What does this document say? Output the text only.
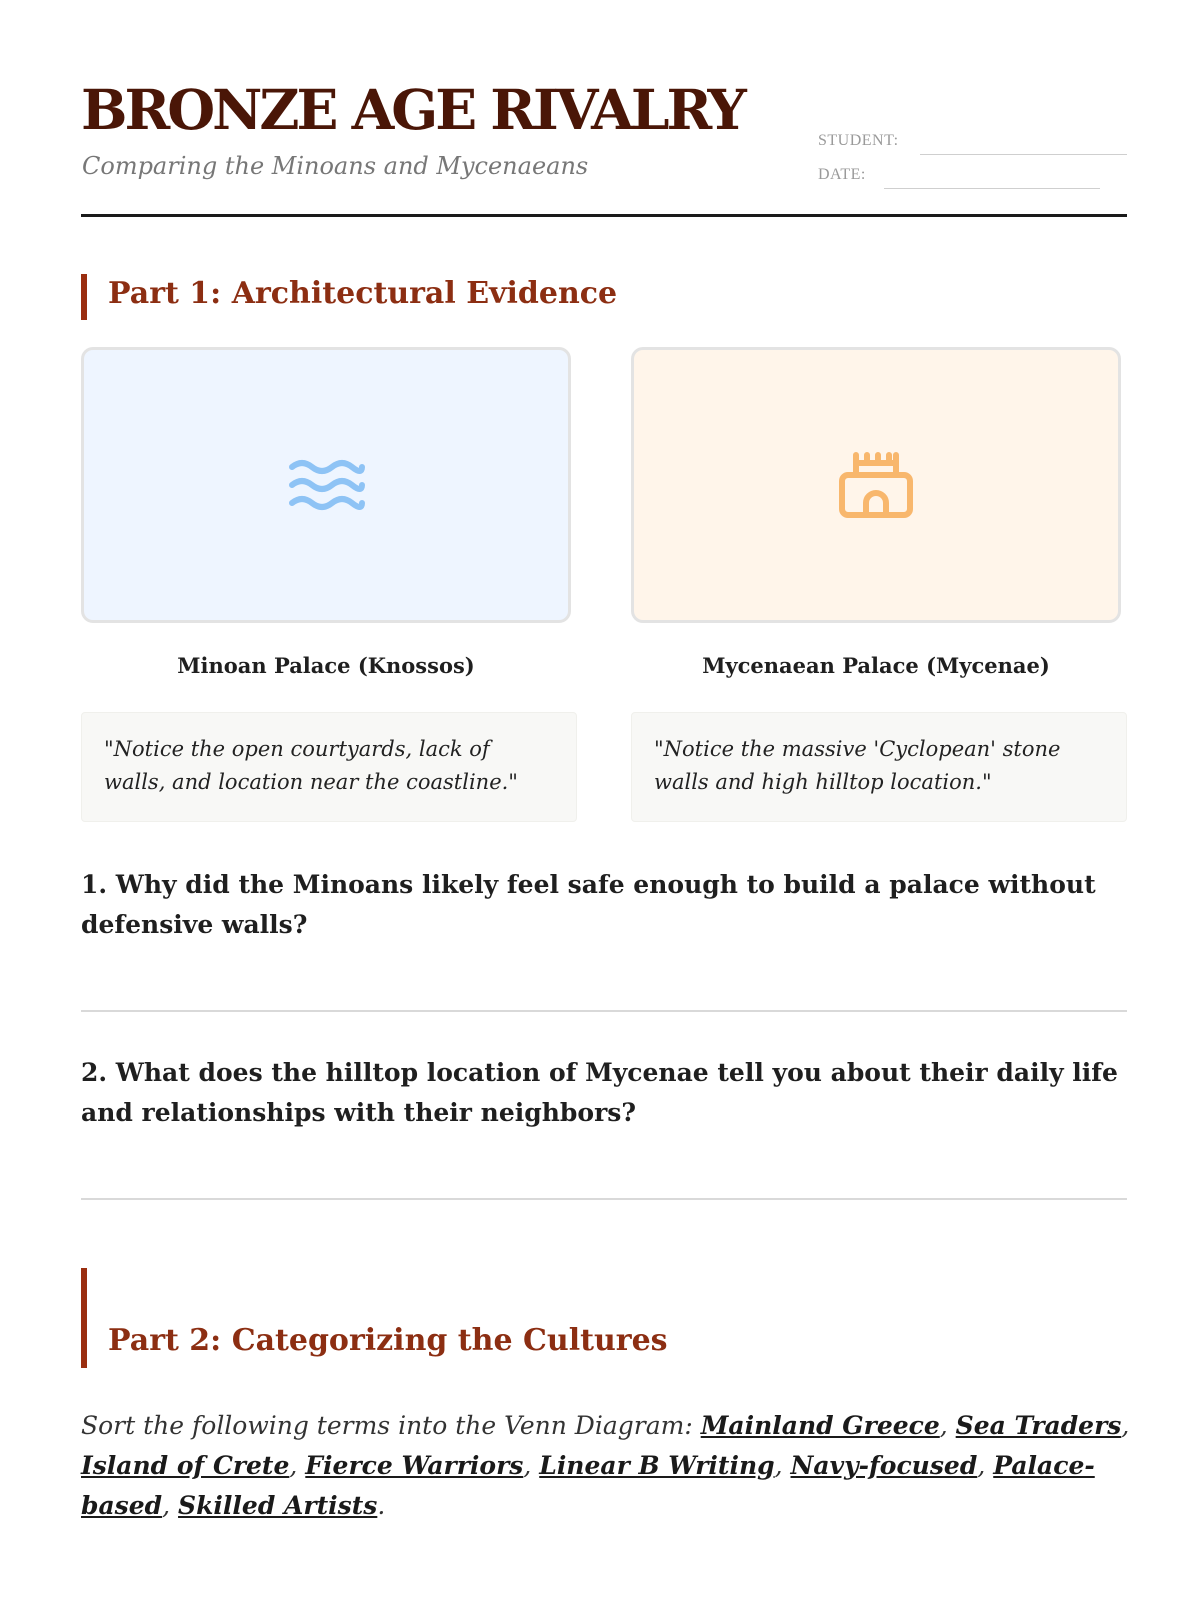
BRONZE AGE RIVALRY
Comparing the Minoans and Mycenaeans
STUDENT:
DATE:
Part 1: Architectural Evidence
Minoan Palace (Knossos)	Mycenaean Palace (Mycenae)
"Notice the open courtyards, lack of walls, and location near the coastline."
"Notice the massive 'Cyclopean' stone walls and high hilltop location."

1. Why did the Minoans likely feel safe enough to build a palace without defensive walls?

2. What does the hilltop location of Mycenae tell you about their daily life and relationships with their neighbors?

Part 2: Categorizing the Cultures

Sort the following terms into the Venn Diagram: Mainland Greece, Sea Traders, Island of Crete, Fierce Warriors, Linear B Writing, Navy-focused, Palace-based, Skilled Artists.
